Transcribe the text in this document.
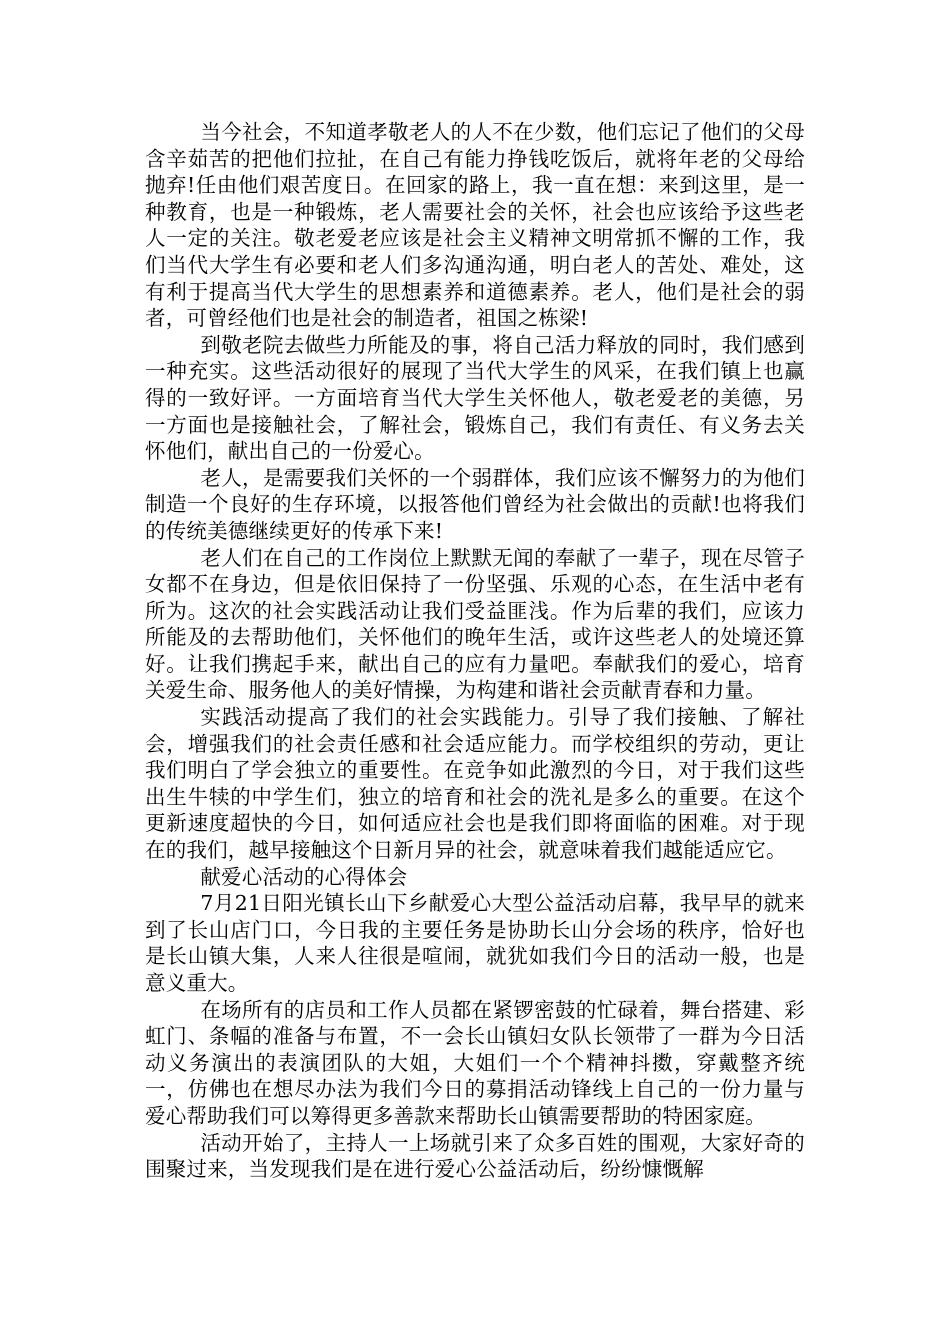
当今社会，不知道孝敬老人的人不在少数，他们忘记了他们的父母含辛茹苦的把他们拉扯，在自己有能力挣钱吃饭后，就将年老的父母给抛弃!任由他们艰苦度日。在回家的路上，我一直在想：来到这里，是一种教育，也是一种锻炼，老人需要社会的关怀，社会也应该给予这些老人一定的关注。敬老爱老应该是社会主义精神文明常抓不懈的工作，我们当代大学生有必要和老人们多沟通沟通，明白老人的苦处、难处，这有利于提高当代大学生的思想素养和道德素养。老人，他们是社会的弱者，可曾经他们也是社会的制造者，祖国之栋梁!

到敬老院去做些力所能及的事，将自己活力释放的同时，我们感到一种充实。这些活动很好的展现了当代大学生的风采，在我们镇上也赢得的一致好评。一方面培育当代大学生关怀他人，敬老爱老的美德，另一方面也是接触社会，了解社会，锻炼自己，我们有责任、有义务去关怀他们，献出自己的一份爱心。

老人，是需要我们关怀的一个弱群体，我们应该不懈努力的为他们制造一个良好的生存环境，以报答他们曾经为社会做出的贡献!也将我们的传统美德继续更好的传承下来!

老人们在自己的工作岗位上默默无闻的奉献了一辈子，现在尽管子女都不在身边，但是依旧保持了一份坚强、乐观的心态，在生活中老有所为。这次的社会实践活动让我们受益匪浅。作为后辈的我们，应该力所能及的去帮助他们，关怀他们的晚年生活，或许这些老人的处境还算好。让我们携起手来，献出自己的应有力量吧。奉献我们的爱心，培育关爱生命、服务他人的美好情操，为构建和谐社会贡献青春和力量。

实践活动提高了我们的社会实践能力。引导了我们接触、了解社会，增强我们的社会责任感和社会适应能力。而学校组织的劳动，更让我们明白了学会独立的重要性。在竞争如此激烈的今日，对于我们这些出生牛犊的中学生们，独立的培育和社会的洗礼是多么的重要。在这个更新速度超快的今日，如何适应社会也是我们即将面临的困难。对于现在的我们，越早接触这个日新月异的社会，就意味着我们越能适应它。

献爱心活动的心得体会

7月21日阳光镇长山下乡献爱心大型公益活动启幕，我早早的就来到了长山店门口，今日我的主要任务是协助长山分会场的秩序，恰好也是长山镇大集，人来人往很是喧闹，就犹如我们今日的活动一般，也是意义重大。

在场所有的店员和工作人员都在紧锣密鼓的忙碌着，舞台搭建、彩虹门、条幅的准备与布置，不一会长山镇妇女队长领带了一群为今日活动义务演出的表演团队的大姐，大姐们一个个精神抖擞，穿戴整齐统一，仿佛也在想尽办法为我们今日的募捐活动锋线上自己的一份力量与爱心帮助我们可以筹得更多善款来帮助长山镇需要帮助的特困家庭。

活动开始了，主持人一上场就引来了众多百姓的围观，大家好奇的围聚过来，当发现我们是在进行爱心公益活动后，纷纷慷慨解
